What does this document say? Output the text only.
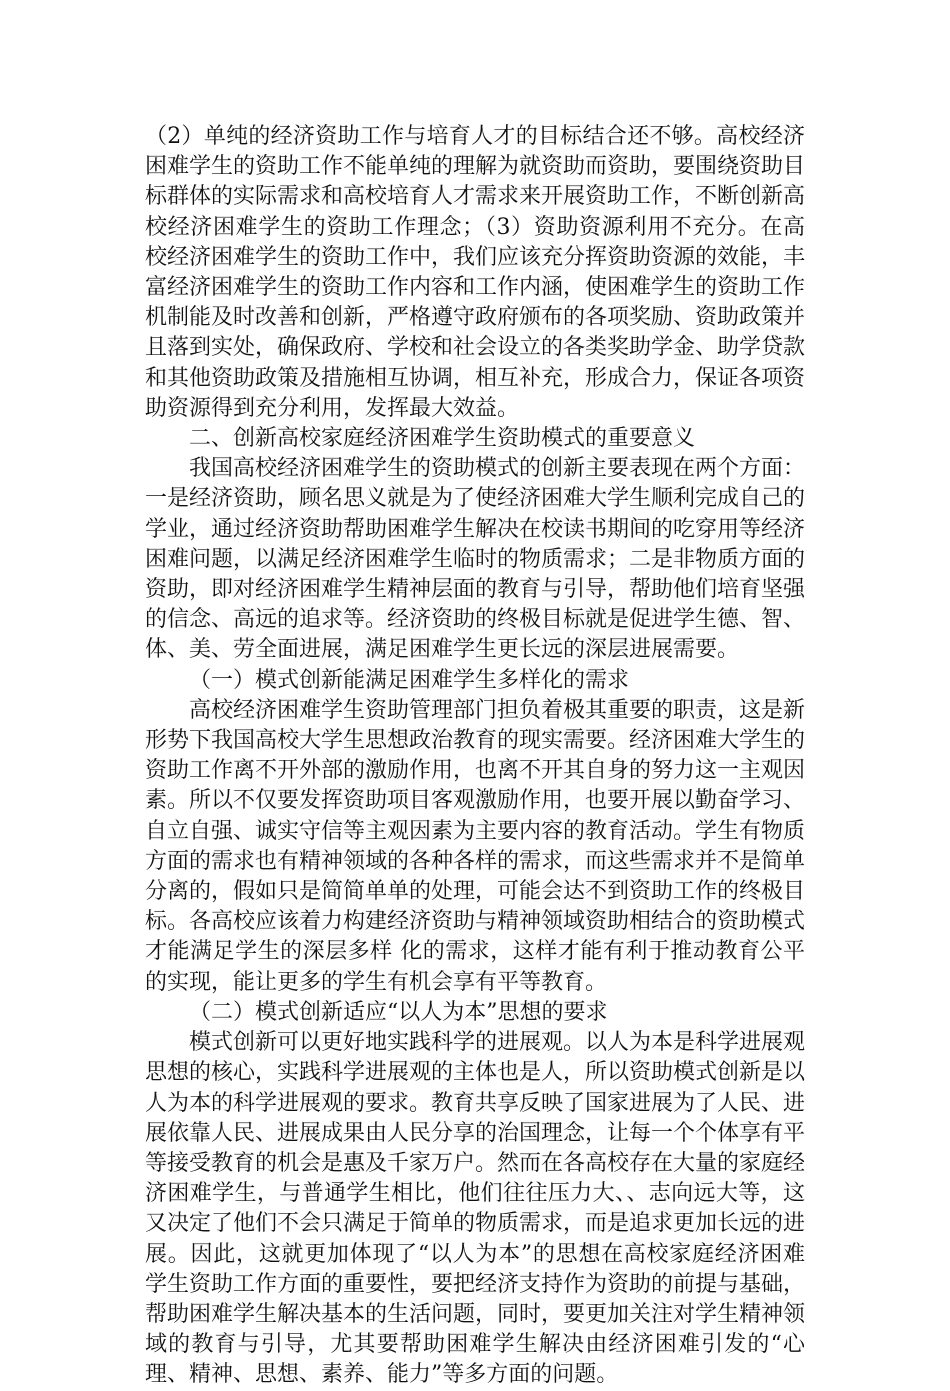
（2）单纯的经济资助工作与培育人才的目标结合还不够。高校经济困难学生的资助工作不能单纯的理解为就资助而资助，要围绕资助目标群体的实际需求和高校培育人才需求来开展资助工作，不断创新高校经济困难学生的资助工作理念；（3）资助资源利用不充分。在高校经济困难学生的资助工作中，我们应该充分挥资助资源的效能，丰富经济困难学生的资助工作内容和工作内涵，使困难学生的资助工作机制能及时改善和创新，严格遵守政府颁布的各项奖励、资助政策并且落到实处，确保政府、学校和社会设立的各类奖助学金、助学贷款和其他资助政策及措施相互协调，相互补充，形成合力，保证各项资助资源得到充分利用，发挥最大效益。

二、创新高校家庭经济困难学生资助模式的重要意义

我国高校经济困难学生的资助模式的创新主要表现在两个方面：一是经济资助，顾名思义就是为了使经济困难大学生顺利完成自己的学业，通过经济资助帮助困难学生解决在校读书期间的吃穿用等经济困难问题，以满足经济困难学生临时的物质需求；二是非物质方面的资助，即对经济困难学生精神层面的教育与引导，帮助他们培育坚强的信念、高远的追求等。经济资助的终极目标就是促进学生德、智、体、美、劳全面进展，满足困难学生更长远的深层进展需要。

（一）模式创新能满足困难学生多样化的需求

高校经济困难学生资助管理部门担负着极其重要的职责，这是新形势下我国高校大学生思想政治教育的现实需要。经济困难大学生的资助工作离不开外部的激励作用，也离不开其自身的努力这一主观因素。所以不仅要发挥资助项目客观激励作用，也要开展以勤奋学习、自立自强、诚实守信等主观因素为主要内容的教育活动。学生有物质方面的需求也有精神领域的各种各样的需求，而这些需求并不是简单分离的，假如只是简简单单的处理，可能会达不到资助工作的终极目标。各高校应该着力构建经济资助与精神领域资助相结合的资助模式才能满足学生的深层多样 化的需求，这样才能有利于推动教育公平的实现，能让更多的学生有机会享有平等教育。

（二）模式创新适应“以人为本”思想的要求

模式创新可以更好地实践科学的进展观。以人为本是科学进展观思想的核心，实践科学进展观的主体也是人，所以资助模式创新是以人为本的科学进展观的要求。教育共享反映了国家进展为了人民、进展依靠人民、进展成果由人民分享的治国理念，让每一个个体享有平等接受教育的机会是惠及千家万户。然而在各高校存在大量的家庭经济困难学生，与普通学生相比，他们往往压力大、、志向远大等，这又决定了他们不会只满足于简单的物质需求，而是追求更加长远的进展。因此，这就更加体现了“以人为本”的思想在高校家庭经济困难学生资助工作方面的重要性，要把经济支持作为资助的前提与基础，帮助困难学生解决基本的生活问题，同时，要更加关注对学生精神领域的教育与引导，尤其要帮助困难学生解决由经济困难引发的“心理、精神、思想、素养、能力”等多方面的问题。
